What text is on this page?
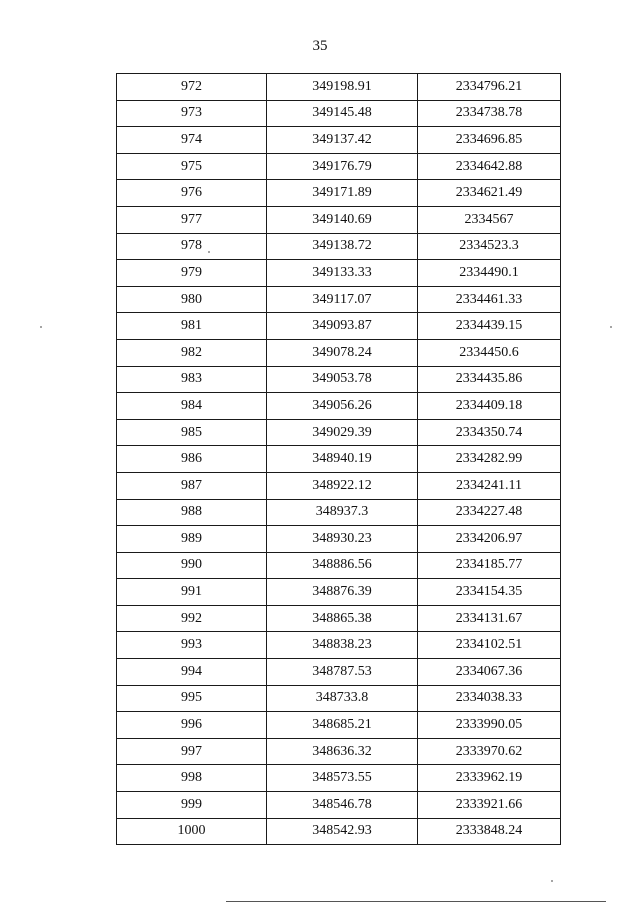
35
972	349198.91	2334796.21
973	349145.48	2334738.78
974	349137.42	2334696.85
975	349176.79	2334642.88
976	349171.89	2334621.49
977	349140.69	2334567
978	349138.72	2334523.3
979	349133.33	2334490.1
980	349117.07	2334461.33
981	349093.87	2334439.15
982	349078.24	2334450.6
983	349053.78	2334435.86
984	349056.26	2334409.18
985	349029.39	2334350.74
986	348940.19	2334282.99
987	348922.12	2334241.11
988	348937.3	2334227.48
989	348930.23	2334206.97
990	348886.56	2334185.77
991	348876.39	2334154.35
992	348865.38	2334131.67
993	348838.23	2334102.51
994	348787.53	2334067.36
995	348733.8	2334038.33
996	348685.21	2333990.05
997	348636.32	2333970.62
998	348573.55	2333962.19
999	348546.78	2333921.66
1000	348542.93	2333848.24
